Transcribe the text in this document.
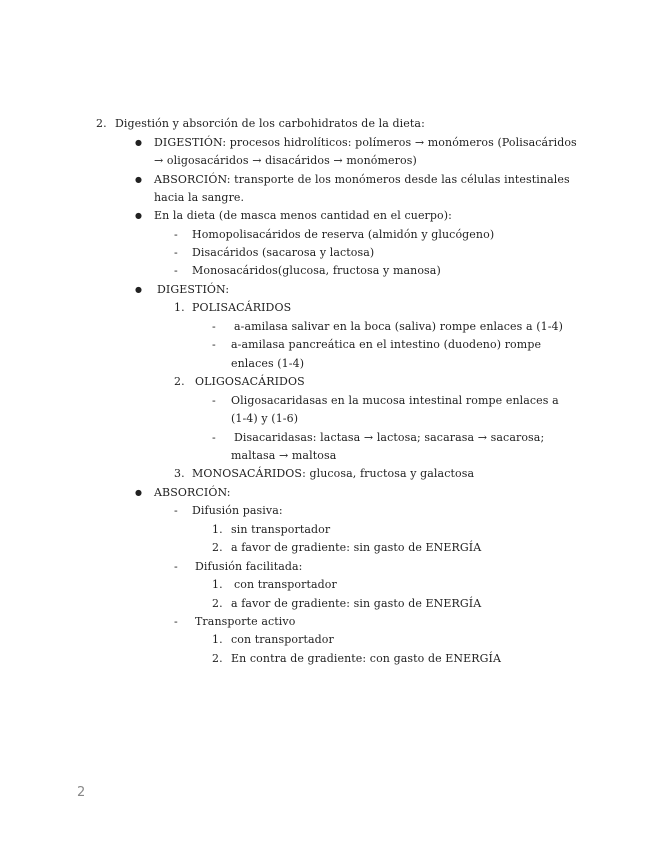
2. Digestión y absorción de los carbohidratos de la dieta:
● DIGESTIÓN: procesos hidrolíticos: polímeros → monómeros (Polisacáridos
→ oligosacáridos → disacáridos → monómeros)
● ABSORCIÓN: transporte de los monómeros desde las células intestinales
hacia la sangre.
● En la dieta (de masca menos cantidad en el cuerpo):
- Homopolisacáridos de reserva (almidón y glucógeno)
- Disacáridos (sacarosa y lactosa)
- Monosacáridos(glucosa, fructosa y manosa)
● DIGESTIÓN:
1. POLISACÁRIDOS
- a-amilasa salivar en la boca (saliva) rompe enlaces a (1-4)
- a-amilasa pancreática en el intestino (duodeno) rompe
enlaces (1-4)
2. OLIGOSACÁRIDOS
- Oligosacaridasas en la mucosa intestinal rompe enlaces a
(1-4) y (1-6)
- Disacaridasas: lactasa → lactosa; sacarasa → sacarosa;
maltasa → maltosa
3. MONOSACÁRIDOS: glucosa, fructosa y galactosa
● ABSORCIÓN:
- Difusión pasiva:
1. sin transportador
2. a favor de gradiente: sin gasto de ENERGÍA
- Difusión facilitada:
1. con transportador
2. a favor de gradiente: sin gasto de ENERGÍA
- Transporte activo
1. con transportador
2. En contra de gradiente: con gasto de ENERGÍA
2
